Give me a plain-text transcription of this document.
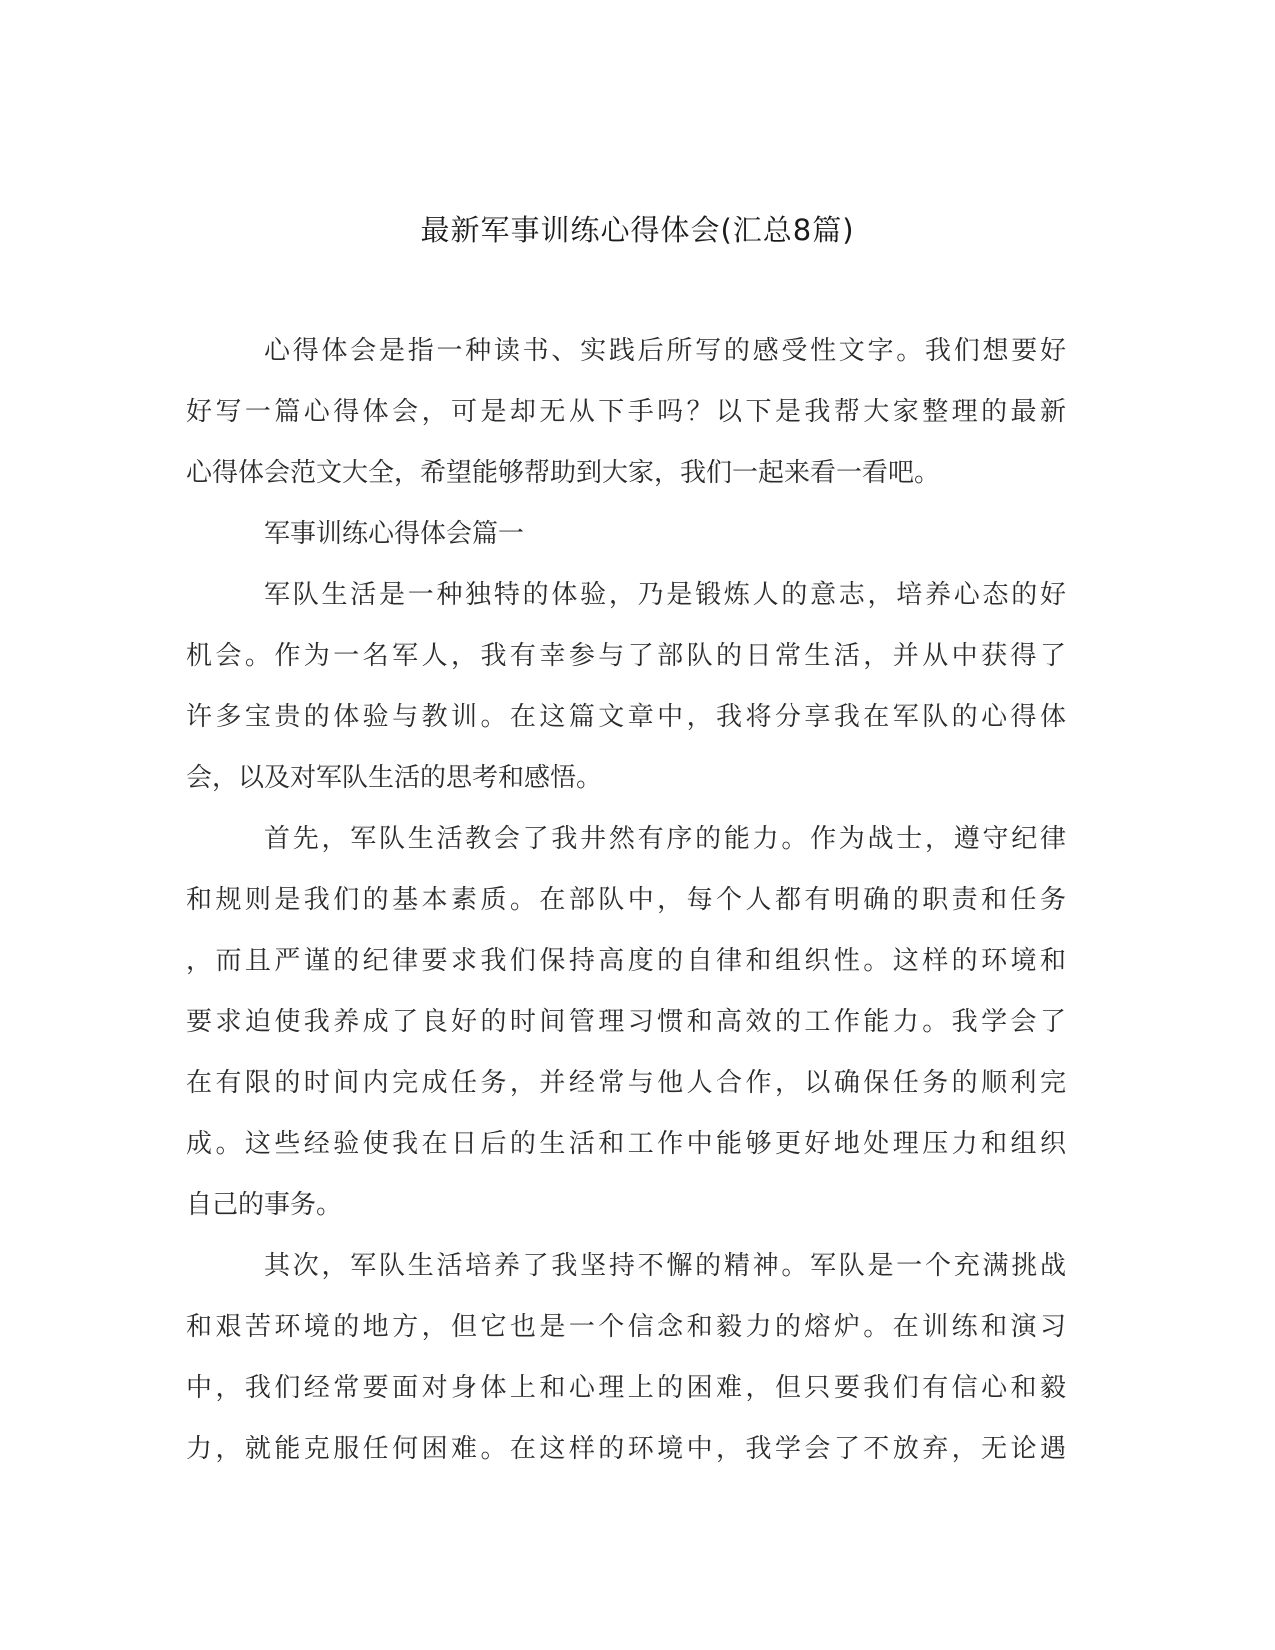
最新军事训练心得体会(汇总8篇)
心得体会是指一种读书、实践后所写的感受性文字。我们想要好
好写一篇心得体会，可是却无从下手吗？以下是我帮大家整理的最新
心得体会范文大全，希望能够帮助到大家，我们一起来看一看吧。
军事训练心得体会篇一
军队生活是一种独特的体验，乃是锻炼人的意志，培养心态的好
机会。作为一名军人，我有幸参与了部队的日常生活，并从中获得了
许多宝贵的体验与教训。在这篇文章中，我将分享我在军队的心得体
会，以及对军队生活的思考和感悟。
首先，军队生活教会了我井然有序的能力。作为战士，遵守纪律
和规则是我们的基本素质。在部队中，每个人都有明确的职责和任务
，而且严谨的纪律要求我们保持高度的自律和组织性。这样的环境和
要求迫使我养成了良好的时间管理习惯和高效的工作能力。我学会了
在有限的时间内完成任务，并经常与他人合作，以确保任务的顺利完
成。这些经验使我在日后的生活和工作中能够更好地处理压力和组织
自己的事务。
其次，军队生活培养了我坚持不懈的精神。军队是一个充满挑战
和艰苦环境的地方，但它也是一个信念和毅力的熔炉。在训练和演习
中，我们经常要面对身体上和心理上的困难，但只要我们有信心和毅
力，就能克服任何困难。在这样的环境中，我学会了不放弃，无论遇
